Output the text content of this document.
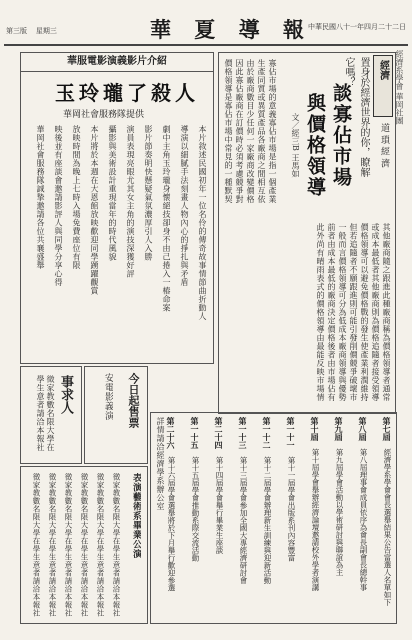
第三版 星期三	華 夏 導 報
中華民國八十一年四月二十二日
經濟
置身於經濟世界的你，瞭解它嗎？
道 瑣 經 濟
談寡佔市場
與價格領導
文／經三B 王馬如
寡佔市場的意義寡佔市場是指一個產業
生產同質或異質產品各廠商之間相互依
由於廠商數目少任何一家廠商改變價格
因此寡佔廠商在訂價時必須考慮競爭對
價格領導是寡佔市場中常見的一種默契
其他廠商隨之跟進此種廠商稱為價格領導者通常
或成本最低者其他廠商則為價格追隨者接受領導
價格領導可以避免價格戰的發生使產業利潤維持
但若追隨者不願跟進則可能引發削價競爭破壞市
一般而言價格領導可分為低成本廠商領導與優勢
前者由成本最低的廠商決定價格後者由市場佔有
此外尚有晴雨表式的價格領導由最能反映市場情
華服電影演義影片介紹
玉玲瓏了殺人
華岡社會服務隊提供
本片敘述民國初年一位名伶的傳奇故事情節曲折動人
導演以細膩手法刻畫人物內心的掙扎與矛盾
劇中主角玉玲瓏身懷絕技卻身不由己捲入一樁命案
影片節奏明快懸疑氣氛濃厚引人入勝
演員表現亮眼尤其女主角的演技深獲好評
攝影與美術設計重現當年的時代風貌
本片將於本週在大恩館放映歡迎同學踴躍觀賞
放映時間為晚上七時入場免費座位有限
映後並有座談會邀請影評人與同學分享心得
華岡社會服務隊誠摯邀請各位共襄盛舉
事求人
徵家教數名限大學在學生意者請洽本報社	今日起售票
安電影義演
徵家教數名限大學在學生意者請洽本報社
徵家教數名限大學在學生意者請洽本報社
徵家教數名限大學在學生意者請洽本報社
徵家教數名限大學在學生意者請洽本報社
徵家教數名限大學在學生意者請洽本報社
徵家教數名限大學在學生意者請洽本報社	表演藝術系畢業公演
第七屆　經濟學系學會會長選舉結果公告當選人名單如下
第八屆　第八屆理事會成員依序為會長副會長總幹事
第九屆　第九屆學會活動以學術研討與聯誼為主
第十屆　第十屆學會舉辦經濟論壇邀請校外學者演講
第一十一　第十一屆學會出版系刊內容豐富
第一十二　第十二屆學會辦理新生訓練與迎新活動
第一十三　第十三屆學會參加全國大專經濟研討會
第二十四　第十四屆學會舉行畢業生座談
第一十五　第十五屆學會推動系際交流活動
第二十六　第十六屆學會選舉將於下月舉行歡迎參選
詳情請洽經濟學系辦公室
經濟系學會 華岡社團
